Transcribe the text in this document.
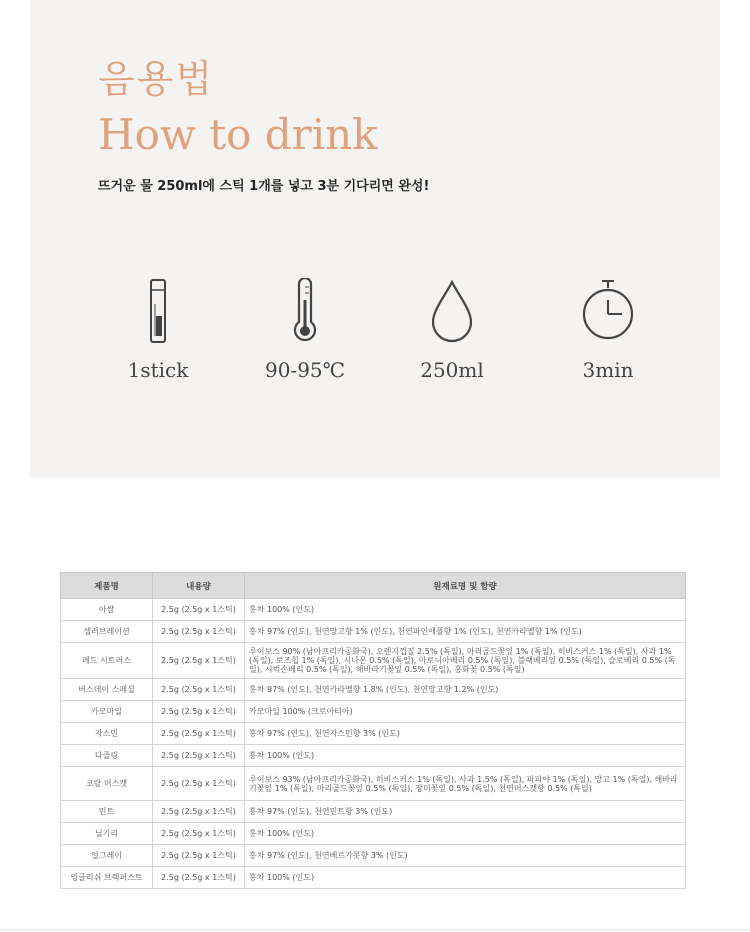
음용법
How to drink
뜨거운 물 250ml에 스틱 1개를 넣고 3분 기다리면 완성!
1stick	90-95℃	250ml	3min
제품명	내용량	원재료명 및 함량
아쌈	2.5g (2.5g x 1스틱)	홍차 100% (인도)
셀러브레이션	2.5g (2.5g x 1스틱)	홍차 97% (인도), 천연망고향 1% (인도), 천연파인애플향 1% (인도), 천연카라멜향 1% (인도)
레드 시트러스	2.5g (2.5g x 1스틱)	루이보스 90% (남아프리카공화국), 오렌지껍질 2.5% (독일), 마리골드꽃잎 1% (독일), 히비스커스 1% (독일), 사과 1% (독일), 로즈힙 1% (독일), 시나몬 0.5% (독일), 아로니아베리 0.5% (독일), 블랙베리잎 0.5% (독일), 슬로베리 0.5% (독일), 시벅손베리 0.5% (독일), 해바라기꽃잎 0.5% (독일), 홍화꽃 0.5% (독일)
버스데이 스페셜	2.5g (2.5g x 1스틱)	홍차 97% (인도), 천연카라멜향 1.8% (인도), 천연망고향 1.2% (인도)
카모마일	2.5g (2.5g x 1스틱)	카모마일 100% (크로아티아)
자스민	2.5g (2.5g x 1스틱)	홍차 97% (인도), 천연자스민향 3% (인도)
다즐링	2.5g (2.5g x 1스틱)	홍차 100% (인도)
코랄 머스캣	2.5g (2.5g x 1스틱)	루이보스 93% (남아프리카공화국), 히비스커스 1% (독일), 사과 1.5% (독일), 파파야 1% (독일), 망고 1% (독일), 해바라기꽃잎 1% (독일), 마리골드꽃잎 0.5% (독일), 장미꽃잎 0.5% (독일), 천연머스캣향 0.5% (독일)
민트	2.5g (2.5g x 1스틱)	홍차 97% (인도), 천연민트향 3% (인도)
닐기리	2.5g (2.5g x 1스틱)	홍차 100% (인도)
얼그레이	2.5g (2.5g x 1스틱)	홍차 97% (인도), 천연베르가못향 3% (인도)
잉글리쉬 브렉퍼스트	2.5g (2.5g x 1스틱)	홍차 100% (인도)
